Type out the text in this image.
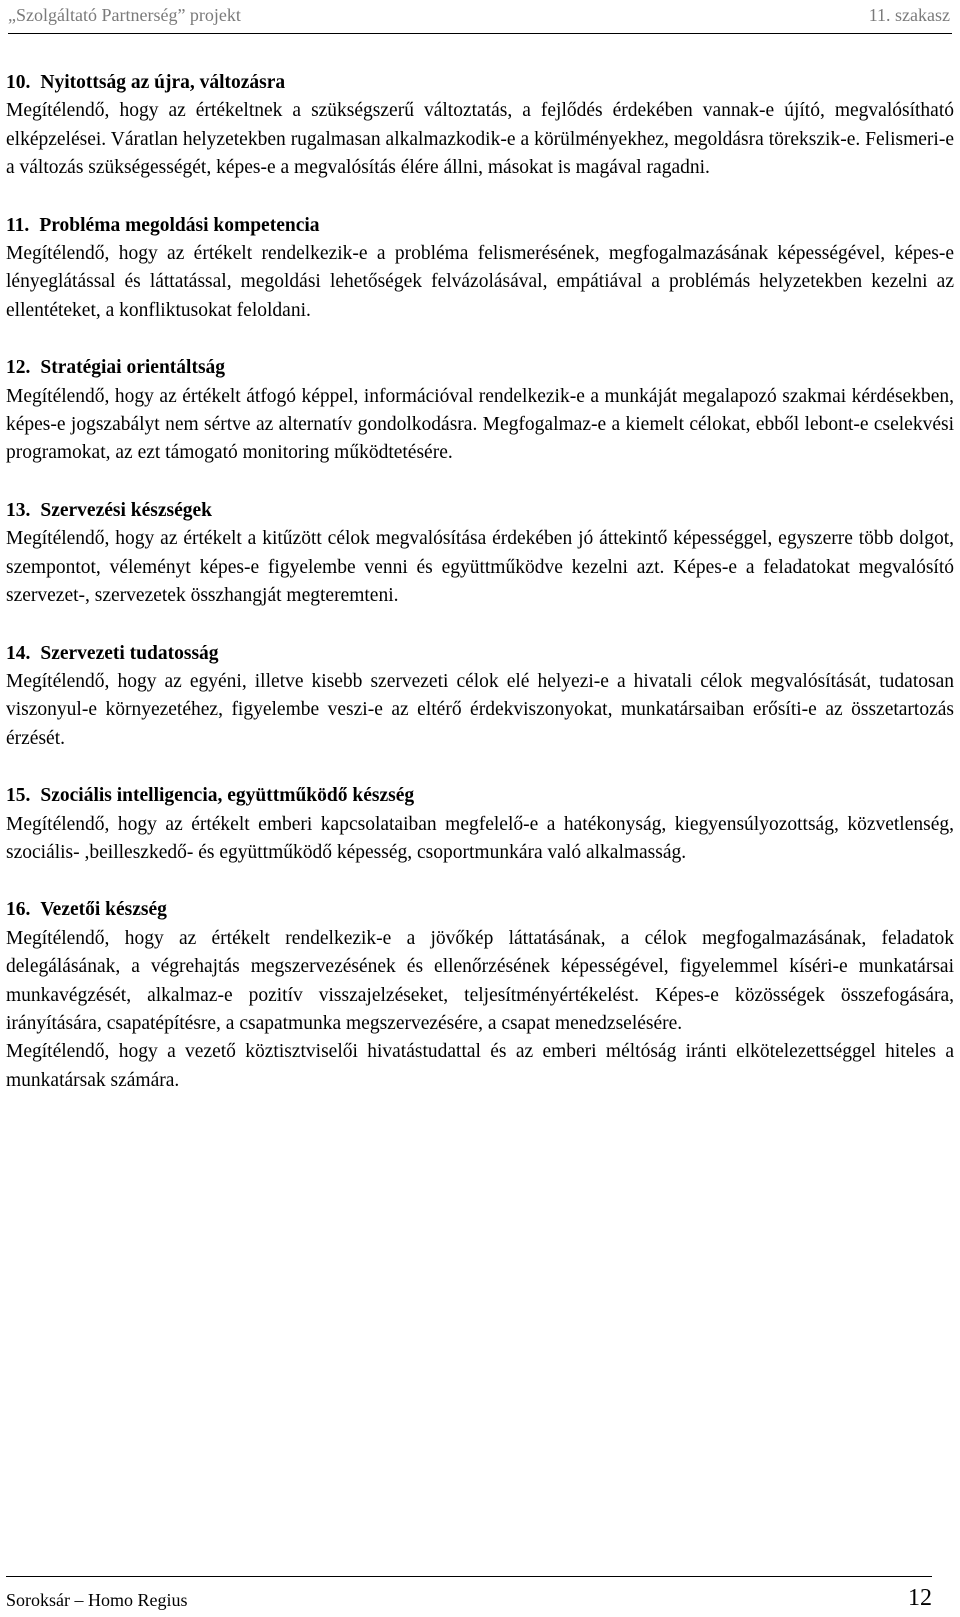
„Szolgáltató Partnerség” projekt	11. szakasz
10. Nyitottság az újra, változásra

Megítélendő, hogy az értékeltnek a szükségszerű változtatás, a fejlődés érdekében vannak-e újító, megvalósítható elképzelései. Váratlan helyzetekben rugalmasan alkalmazkodik-e a körülményekhez, megoldásra törekszik-e. Felismeri-e a változás szükségességét, képes-e a megvalósítás élére állni, másokat is magával ragadni.

11. Probléma megoldási kompetencia

Megítélendő, hogy az értékelt rendelkezik-e a probléma felismerésének, megfogalmazásának képességével, képes-e lényeglátással és láttatással, megoldási lehetőségek felvázolásával, empátiával a problémás helyzetekben kezelni az ellentéteket, a konfliktusokat feloldani.

12. Stratégiai orientáltság

Megítélendő, hogy az értékelt átfogó képpel, információval rendelkezik-e a munkáját megalapozó szakmai kérdésekben, képes-e jogszabályt nem sértve az alternatív gondolkodásra. Megfogalmaz-e a kiemelt célokat, ebből lebont-e cselekvési programokat, az ezt támogató monitoring működtetésére.

13. Szervezési készségek

Megítélendő, hogy az értékelt a kitűzött célok megvalósítása érdekében jó áttekintő képességgel, egyszerre több dolgot, szempontot, véleményt képes-e figyelembe venni és együttműködve kezelni azt. Képes-e a feladatokat megvalósító szervezet-, szervezetek összhangját megteremteni.

14. Szervezeti tudatosság

Megítélendő, hogy az egyéni, illetve kisebb szervezeti célok elé helyezi-e a hivatali célok megvalósítását, tudatosan viszonyul-e környezetéhez, figyelembe veszi-e az eltérő érdekviszonyokat, munkatársaiban erősíti-e az összetartozás érzését.

15. Szociális intelligencia, együttműködő készség

Megítélendő, hogy az értékelt emberi kapcsolataiban megfelelő-e a hatékonyság, kiegyensúlyozottság, közvetlenség, szociális- ,beilleszkedő- és együttműködő képesség, csoportmunkára való alkalmasság.

16. Vezetői készség

Megítélendő, hogy az értékelt rendelkezik-e a jövőkép láttatásának, a célok megfogalmazásának, feladatok delegálásának, a végrehajtás megszervezésének és ellenőrzésének képességével, figyelemmel kíséri-e munkatársai munkavégzését, alkalmaz-e pozitív visszajelzéseket, teljesítményértékelést. Képes-e közösségek összefogására, irányítására, csapatépítésre, a csapatmunka megszervezésére, a csapat menedzselésére.

Megítélendő, hogy a vezető köztisztviselői hivatástudattal és az emberi méltóság iránti elkötelezettséggel hiteles a munkatársak számára.

Soroksár – Homo Regius	12
